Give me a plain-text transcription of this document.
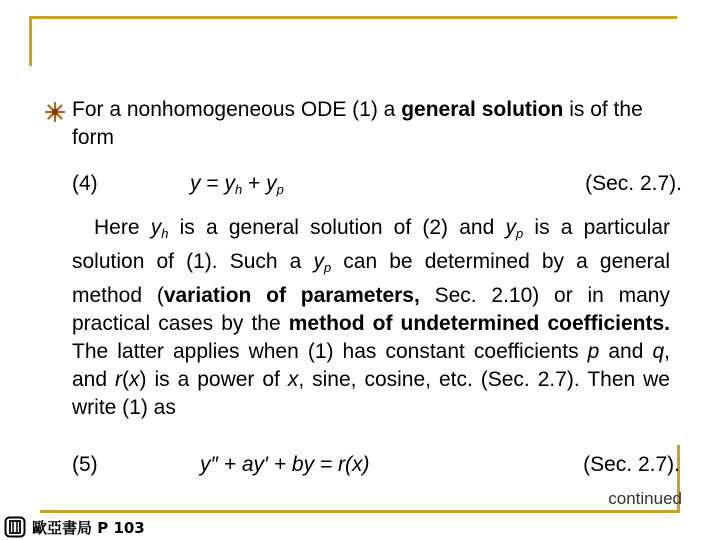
For a nonhomogeneous ODE (1) a general solution is of the form
(4)	$y = y_h + y_p$	(Sec. 2.7).
Here $y_h$ is a general solution of (2) and $y_p$ is a particular solution of (1). Such a $y_p$ can be determined by a general method (variation of parameters, Sec. 2.10) or in many practical cases by the method of undetermined coefficients. The latter applies when (1) has constant coefficients p and q, and r(x) is a power of x, sine, cosine, etc. (Sec. 2.7). Then we write (1) as
(5)	y″ + ay′ + by = r(x)	(Sec. 2.7).
continued
歐亞書局 P 103
